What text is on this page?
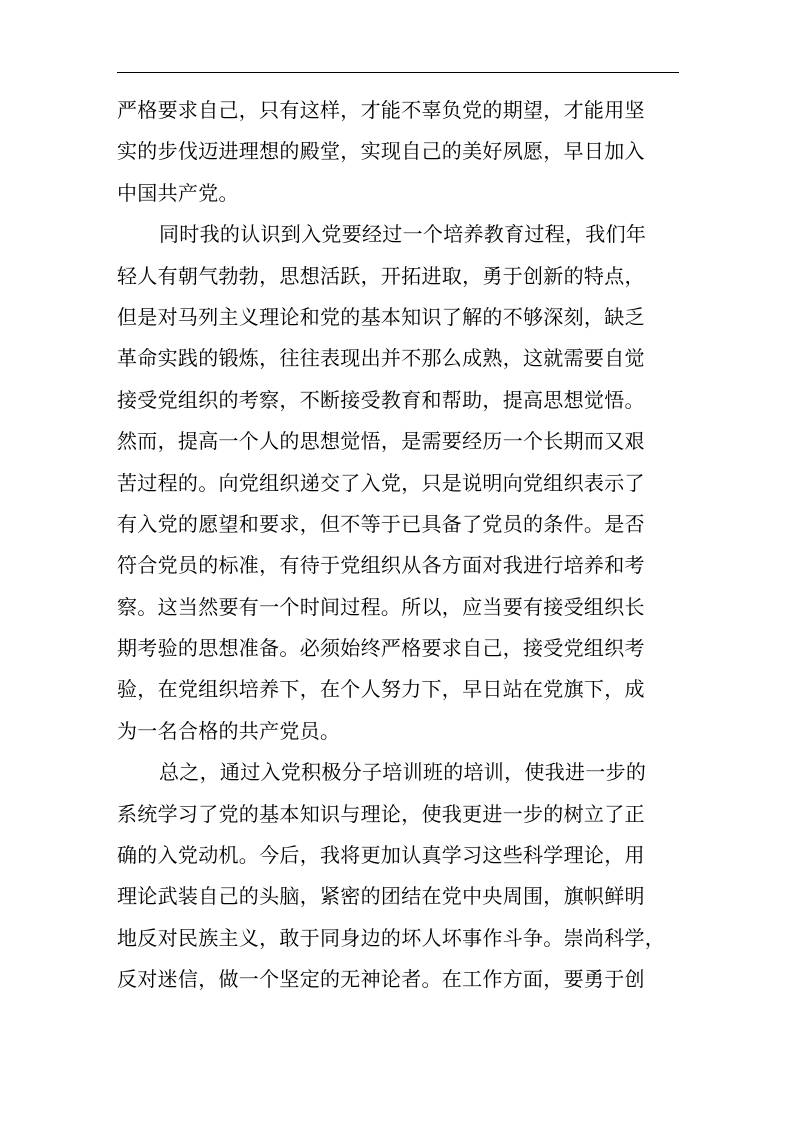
严格要求自己，只有这样，才能不辜负党的期望，才能用坚
实的步伐迈进理想的殿堂，实现自己的美好夙愿，早日加入
中国共产党。
同时我的认识到入党要经过一个培养教育过程，我们年
轻人有朝气勃勃，思想活跃，开拓进取，勇于创新的特点，
但是对马列主义理论和党的基本知识了解的不够深刻，缺乏
革命实践的锻炼，往往表现出并不那么成熟，这就需要自觉
接受党组织的考察，不断接受教育和帮助，提高思想觉悟。
然而，提高一个人的思想觉悟，是需要经历一个长期而又艰
苦过程的。向党组织递交了入党，只是说明向党组织表示了
有入党的愿望和要求，但不等于已具备了党员的条件。是否
符合党员的标准，有待于党组织从各方面对我进行培养和考
察。这当然要有一个时间过程。所以，应当要有接受组织长
期考验的思想准备。必须始终严格要求自己，接受党组织考
验，在党组织培养下，在个人努力下，早日站在党旗下，成
为一名合格的共产党员。
总之，通过入党积极分子培训班的培训，使我进一步的
系统学习了党的基本知识与理论，使我更进一步的树立了正
确的入党动机。今后，我将更加认真学习这些科学理论，用
理论武装自己的头脑，紧密的团结在党中央周围，旗帜鲜明
地反对民族主义，敢于同身边的坏人坏事作斗争。崇尚科学，
反对迷信，做一个坚定的无神论者。在工作方面，要勇于创
